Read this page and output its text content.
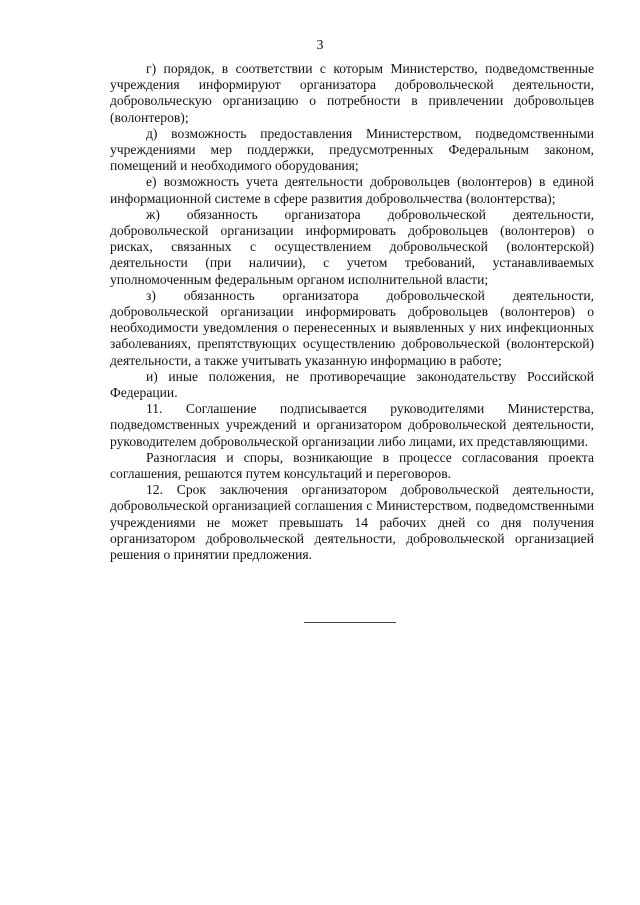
3

г) порядок, в соответствии с которым Министерство, подведомственные учреждения информируют организатора добровольческой деятельности, добровольческую организацию о потребности в привлечении добровольцев (волонтеров);

д) возможность предоставления Министерством, подведомственными учреждениями мер поддержки, предусмотренных Федеральным законом, помещений и необходимого оборудования;

е) возможность учета деятельности добровольцев (волонтеров) в единой информационной системе в сфере развития добровольчества (волонтерства);

ж) обязанность организатора добровольческой деятельности, добровольческой организации информировать добровольцев (волонтеров) о рисках, связанных с осуществлением добровольческой (волонтерской) деятельности (при наличии), с учетом требований, устанавливаемых уполномоченным федеральным органом исполнительной власти;

з) обязанность организатора добровольческой деятельности, добровольческой организации информировать добровольцев (волонтеров) о необходимости уведомления о перенесенных и выявленных у них инфекционных заболеваниях, препятствующих осуществлению добровольческой (волонтерской) деятельности, а также учитывать указанную информацию в работе;

и) иные положения, не противоречащие законодательству Российской Федерации.

11. Соглашение подписывается руководителями Министерства, подведомственных учреждений и организатором добровольческой деятельности, руководителем добровольческой организации либо лицами, их представляющими.

Разногласия и споры, возникающие в процессе согласования проекта соглашения, решаются путем консультаций и переговоров.

12. Срок заключения организатором добровольческой деятельности, добровольческой организацией соглашения с Министерством, подведомственными учреждениями не может превышать 14 рабочих дней со дня получения организатором добровольческой деятельности, добровольческой организацией решения о принятии предложения.
